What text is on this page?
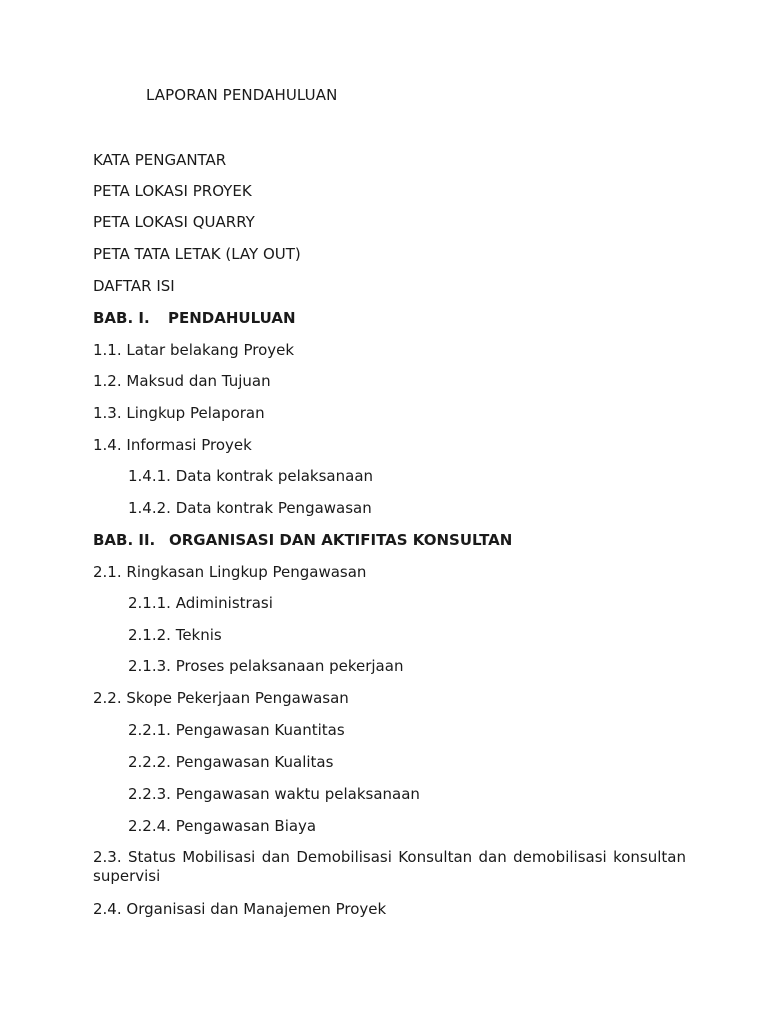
LAPORAN PENDAHULUAN
KATA PENGANTAR
PETA LOKASI PROYEK
PETA LOKASI QUARRY
PETA TATA LETAK (LAY OUT)
DAFTAR ISI
BAB. I. PENDAHULUAN
1.1. Latar belakang Proyek
1.2. Maksud dan Tujuan
1.3. Lingkup Pelaporan
1.4. Informasi Proyek
1.4.1. Data kontrak pelaksanaan
1.4.2. Data kontrak Pengawasan
BAB. II. ORGANISASI DAN AKTIFITAS KONSULTAN
2.1. Ringkasan Lingkup Pengawasan
2.1.1. Adiministrasi
2.1.2. Teknis
2.1.3. Proses pelaksanaan pekerjaan
2.2. Skope Pekerjaan Pengawasan
2.2.1. Pengawasan Kuantitas
2.2.2. Pengawasan Kualitas
2.2.3. Pengawasan waktu pelaksanaan
2.2.4. Pengawasan Biaya
2.3. Status Mobilisasi dan Demobilisasi Konsultan dan demobilisasi konsultan supervisi
2.4. Organisasi dan Manajemen Proyek
